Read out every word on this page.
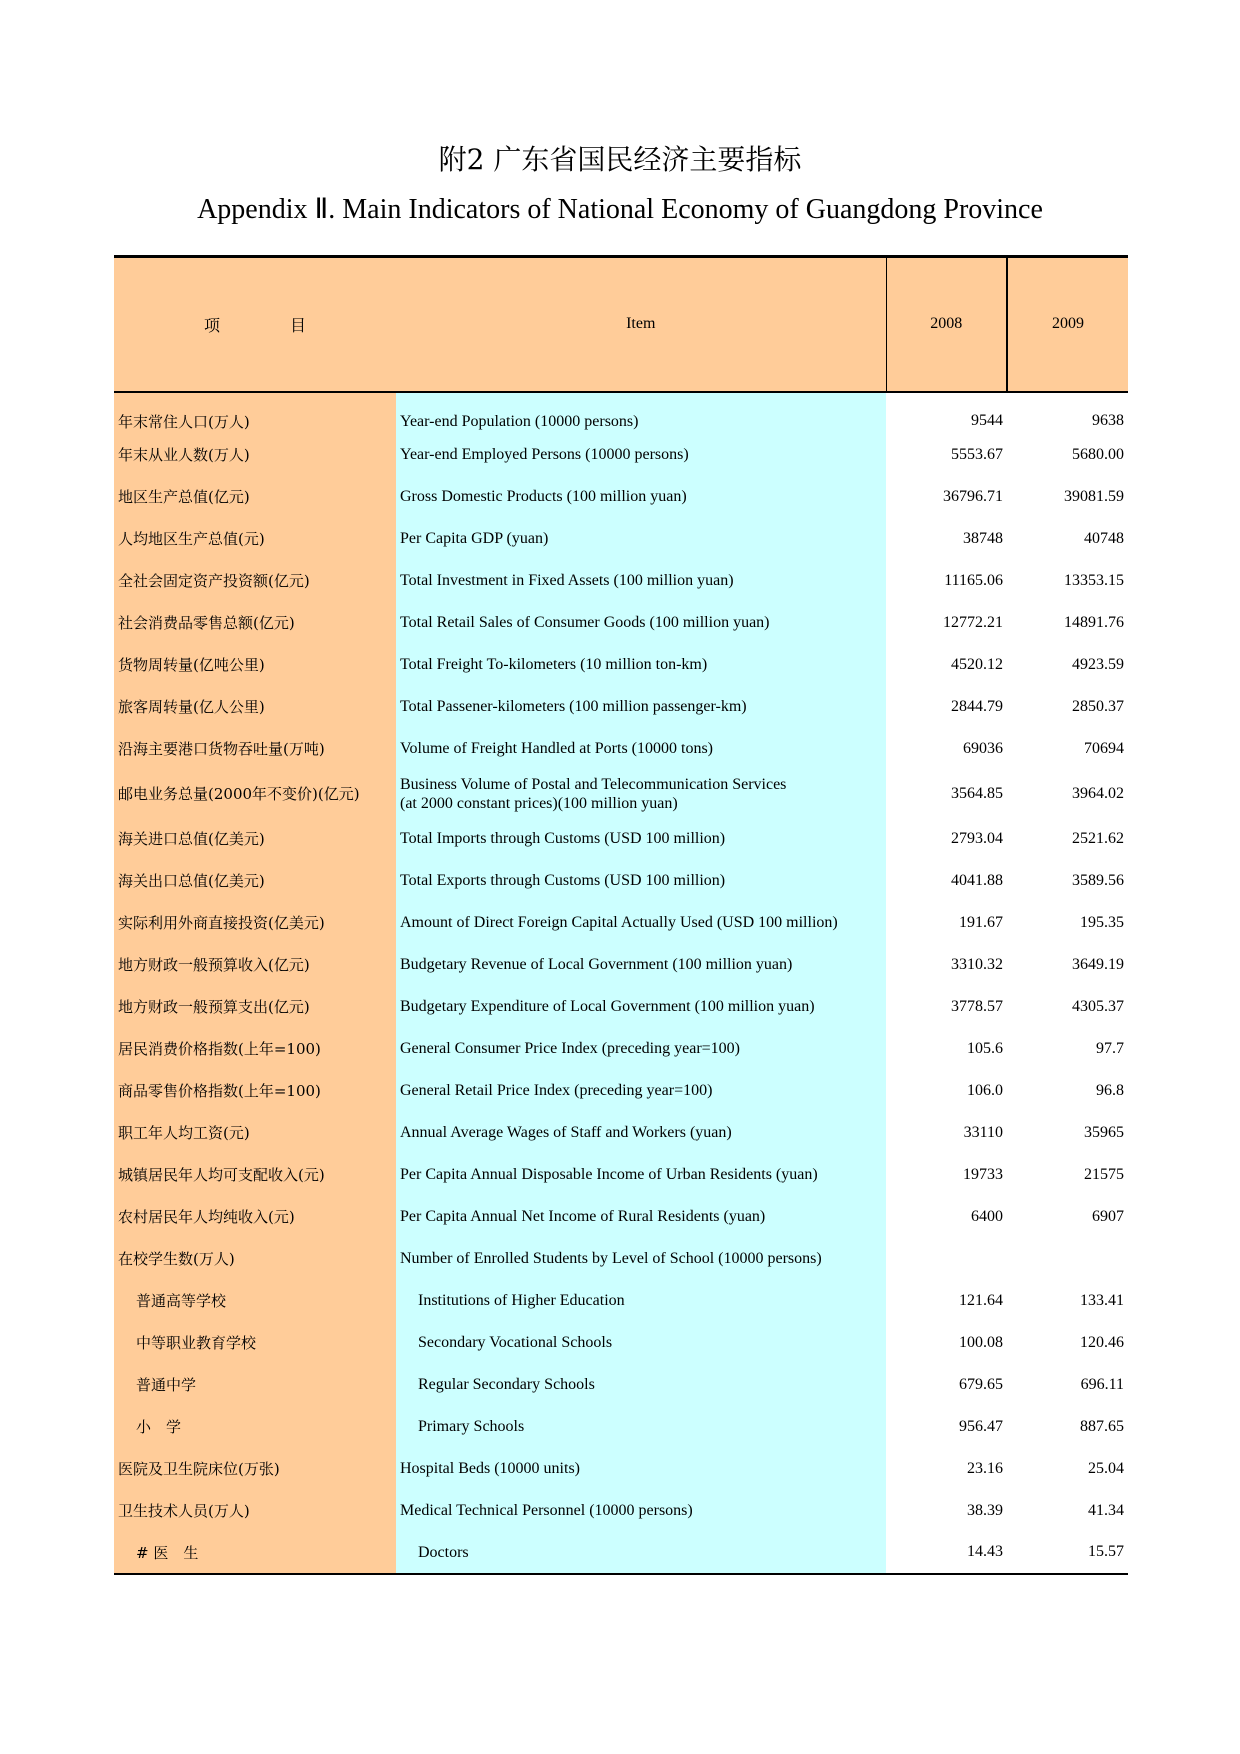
附2 广东省国民经济主要指标
Appendix Ⅱ. Main Indicators of National Economy of Guangdong Province
项 目	Item	2008	2009
年末常住人口(万人)	Year-end Population (10000 persons)	9544	9638
年末从业人数(万人)	Year-end Employed Persons (10000 persons)	5553.67	5680.00
地区生产总值(亿元)	Gross Domestic Products (100 million yuan)	36796.71	39081.59
人均地区生产总值(元)	Per Capita GDP (yuan)	38748	40748
全社会固定资产投资额(亿元)	Total Investment in Fixed Assets (100 million yuan)	11165.06	13353.15
社会消费品零售总额(亿元)	Total Retail Sales of Consumer Goods (100 million yuan)	12772.21	14891.76
货物周转量(亿吨公里)	Total Freight To-kilometers (10 million ton-km)	4520.12	4923.59
旅客周转量(亿人公里)	Total Passener-kilometers (100 million passenger-km)	2844.79	2850.37
沿海主要港口货物吞吐量(万吨)	Volume of Freight Handled at Ports (10000 tons)	69036	70694
邮电业务总量(2000年不变价)(亿元)	Business Volume of Postal and Telecommunication Services
(at 2000 constant prices)(100 million yuan)	3564.85	3964.02
海关进口总值(亿美元)	Total Imports through Customs (USD 100 million)	2793.04	2521.62
海关出口总值(亿美元)	Total Exports through Customs (USD 100 million)	4041.88	3589.56
实际利用外商直接投资(亿美元)	Amount of Direct Foreign Capital Actually Used (USD 100 million)	191.67	195.35
地方财政一般预算收入(亿元)	Budgetary Revenue of Local Government (100 million yuan)	3310.32	3649.19
地方财政一般预算支出(亿元)	Budgetary Expenditure of Local Government (100 million yuan)	3778.57	4305.37
居民消费价格指数(上年=100)	General Consumer Price Index (preceding year=100)	105.6	97.7
商品零售价格指数(上年=100)	General Retail Price Index (preceding year=100)	106.0	96.8
职工年人均工资(元)	Annual Average Wages of Staff and Workers (yuan)	33110	35965
城镇居民年人均可支配收入(元)	Per Capita Annual Disposable Income of Urban Residents (yuan)	19733	21575
农村居民年人均纯收入(元)	Per Capita Annual Net Income of Rural Residents (yuan)	6400	6907
在校学生数(万人)	Number of Enrolled Students by Level of School (10000 persons)		
普通高等学校	Institutions of Higher Education	121.64	133.41
中等职业教育学校	Secondary Vocational Schools	100.08	120.46
普通中学	Regular Secondary Schools	679.65	696.11
小　学	Primary Schools	956.47	887.65
医院及卫生院床位(万张)	Hospital Beds (10000 units)	23.16	25.04
卫生技术人员(万人)	Medical Technical Personnel (10000 persons)	38.39	41.34
# 医　生	Doctors	14.43	15.57
